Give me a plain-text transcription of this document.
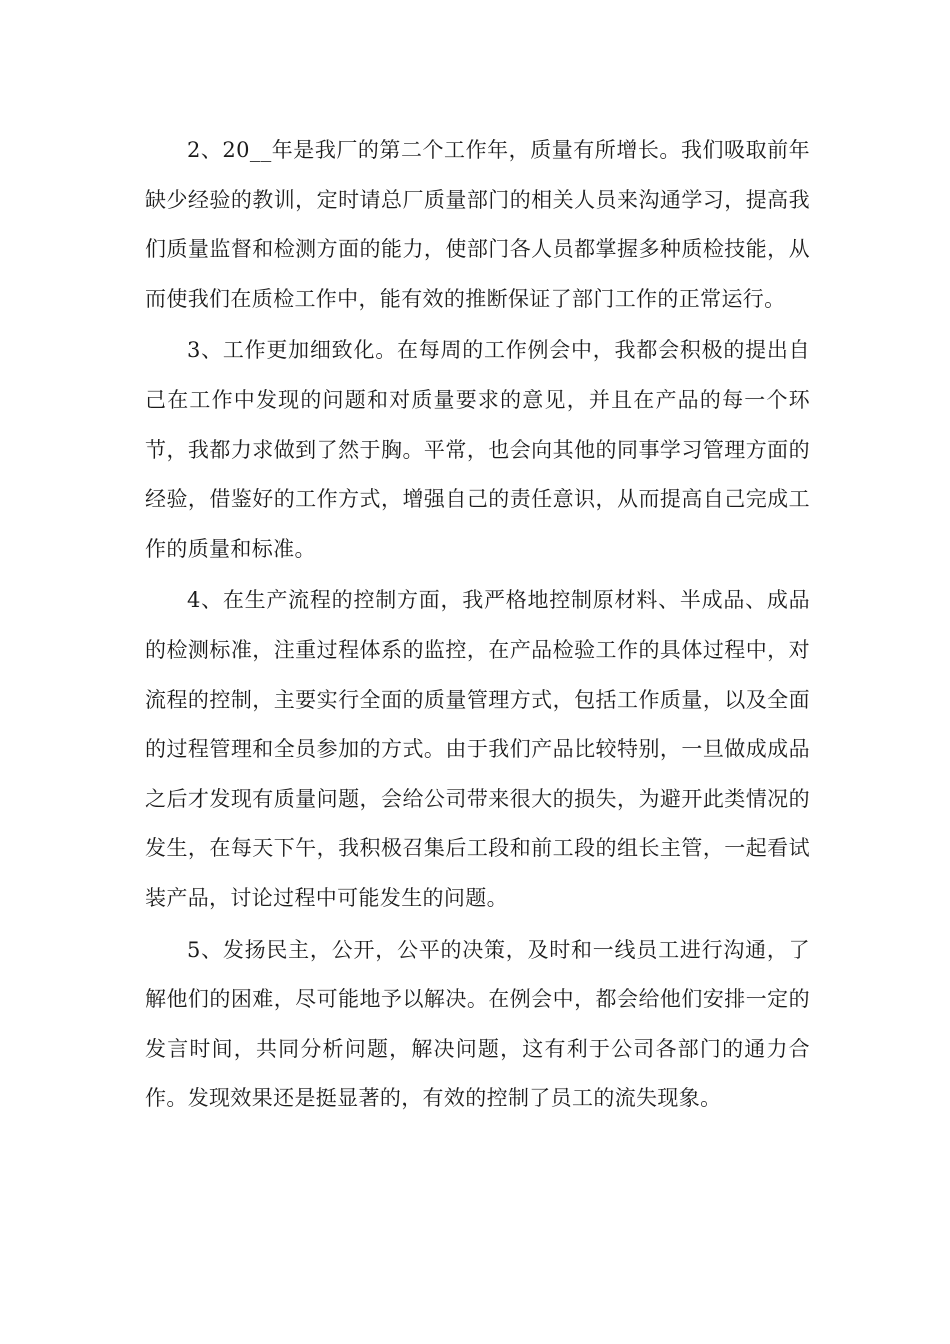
2、20__年是我厂的第二个工作年，质量有所增长。我们吸取前年缺少经验的教训，定时请总厂质量部门的相关人员来沟通学习，提高我们质量监督和检测方面的能力，使部门各人员都掌握多种质检技能，从而使我们在质检工作中，能有效的推断保证了部门工作的正常运行。

3、工作更加细致化。在每周的工作例会中，我都会积极的提出自己在工作中发现的问题和对质量要求的意见，并且在产品的每一个环节，我都力求做到了然于胸。平常，也会向其他的同事学习管理方面的经验，借鉴好的工作方式，增强自己的责任意识，从而提高自己完成工作的质量和标准。

4、在生产流程的控制方面，我严格地控制原材料、半成品、成品的检测标准，注重过程体系的监控，在产品检验工作的具体过程中，对流程的控制，主要实行全面的质量管理方式，包括工作质量，以及全面的过程管理和全员参加的方式。由于我们产品比较特别，一旦做成成品之后才发现有质量问题，会给公司带来很大的损失，为避开此类情况的发生，在每天下午，我积极召集后工段和前工段的组长主管，一起看试装产品，讨论过程中可能发生的问题。

5、发扬民主，公开，公平的决策，及时和一线员工进行沟通，了解他们的困难，尽可能地予以解决。在例会中，都会给他们安排一定的发言时间，共同分析问题，解决问题，这有利于公司各部门的通力合作。发现效果还是挺显著的，有效的控制了员工的流失现象。
